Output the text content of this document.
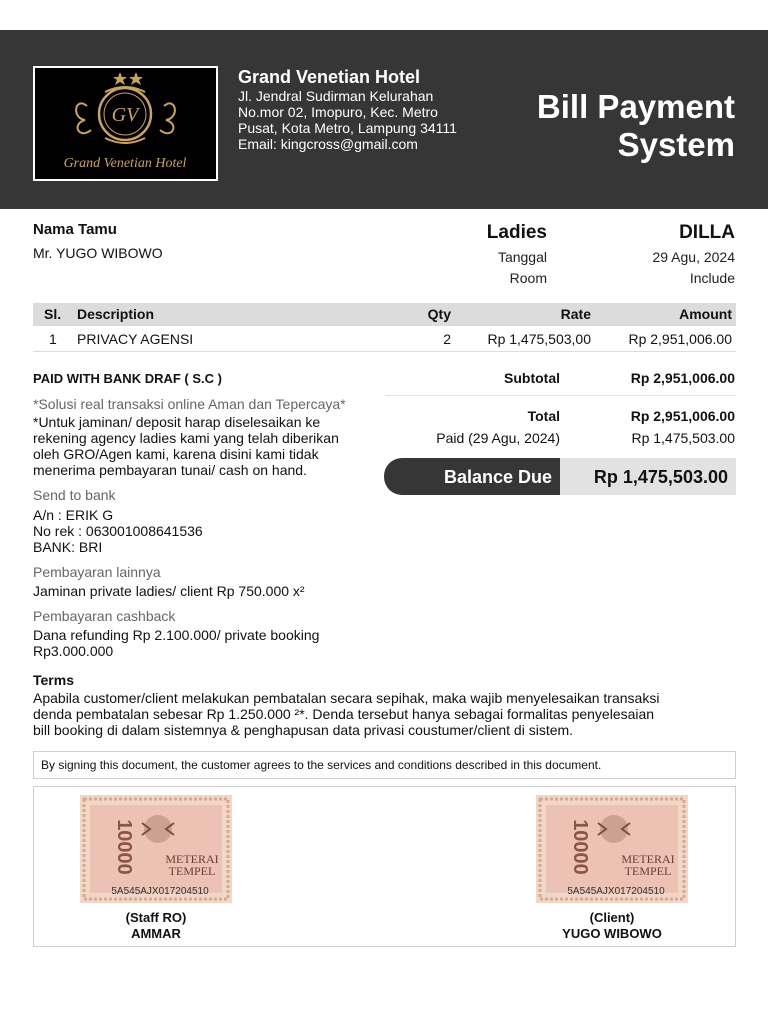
GV
Grand Venetian Hotel
Grand Venetian Hotel
Jl. Jendral Sudirman Kelurahan
No.mor 02, Imopuro, Kec. Metro
Pusat, Kota Metro, Lampung 34111
Email: kingcross@gmail.com
Bill Payment
System
Nama Tamu
Mr. YUGO WIBOWO
Ladies	DILLA
Tanggal	29 Agu, 2024
Room	Include
Sl. Description	Qty	Rate	Amount
1 PRIVACY AGENSI	2	Rp 1,475,503,00	Rp 2,951,006.00
PAID WITH BANK DRAF ( S.C )
*Solusi real transaksi online Aman dan Tepercaya*
*Untuk jaminan/ deposit harap diselesaikan ke
rekening agency ladies kami yang telah diberikan
oleh GRO/Agen kami, karena disini kami tidak
menerima pembayaran tunai/ cash on hand.
Send to bank
A/n : ERIK G
No rek : 063001008641536
BANK: BRI
Pembayaran lainnya
Jaminan private ladies/ client Rp 750.000 x²
Pembayaran cashback
Dana refunding Rp 2.100.000/ private booking
Rp3.000.000
Subtotal	Rp 2,951,006.00
Total	Rp 2,951,006.00
Paid (29 Agu, 2024)	Rp 1,475,503.00
Balance Due Rp 1,475,503.00
Terms
Apabila customer/client melakukan pembatalan secara sepihak, maka wajib menyelesaikan transaksi
denda pembatalan sebesar Rp 1.250.000 ²*. Denda tersebut hanya sebagai formalitas penyelesaian
bill booking di dalam sistemnya & penghapusan data privasi coustumer/client di sistem.
By signing this document, the customer agrees to the services and conditions described in this document.
10000	METERAI
TEMPEL
5A545AJX017204510
(Staff RO)
AMMAR
10000	METERAI
TEMPEL
5A545AJX017204510
(Client)
YUGO WIBOWO
